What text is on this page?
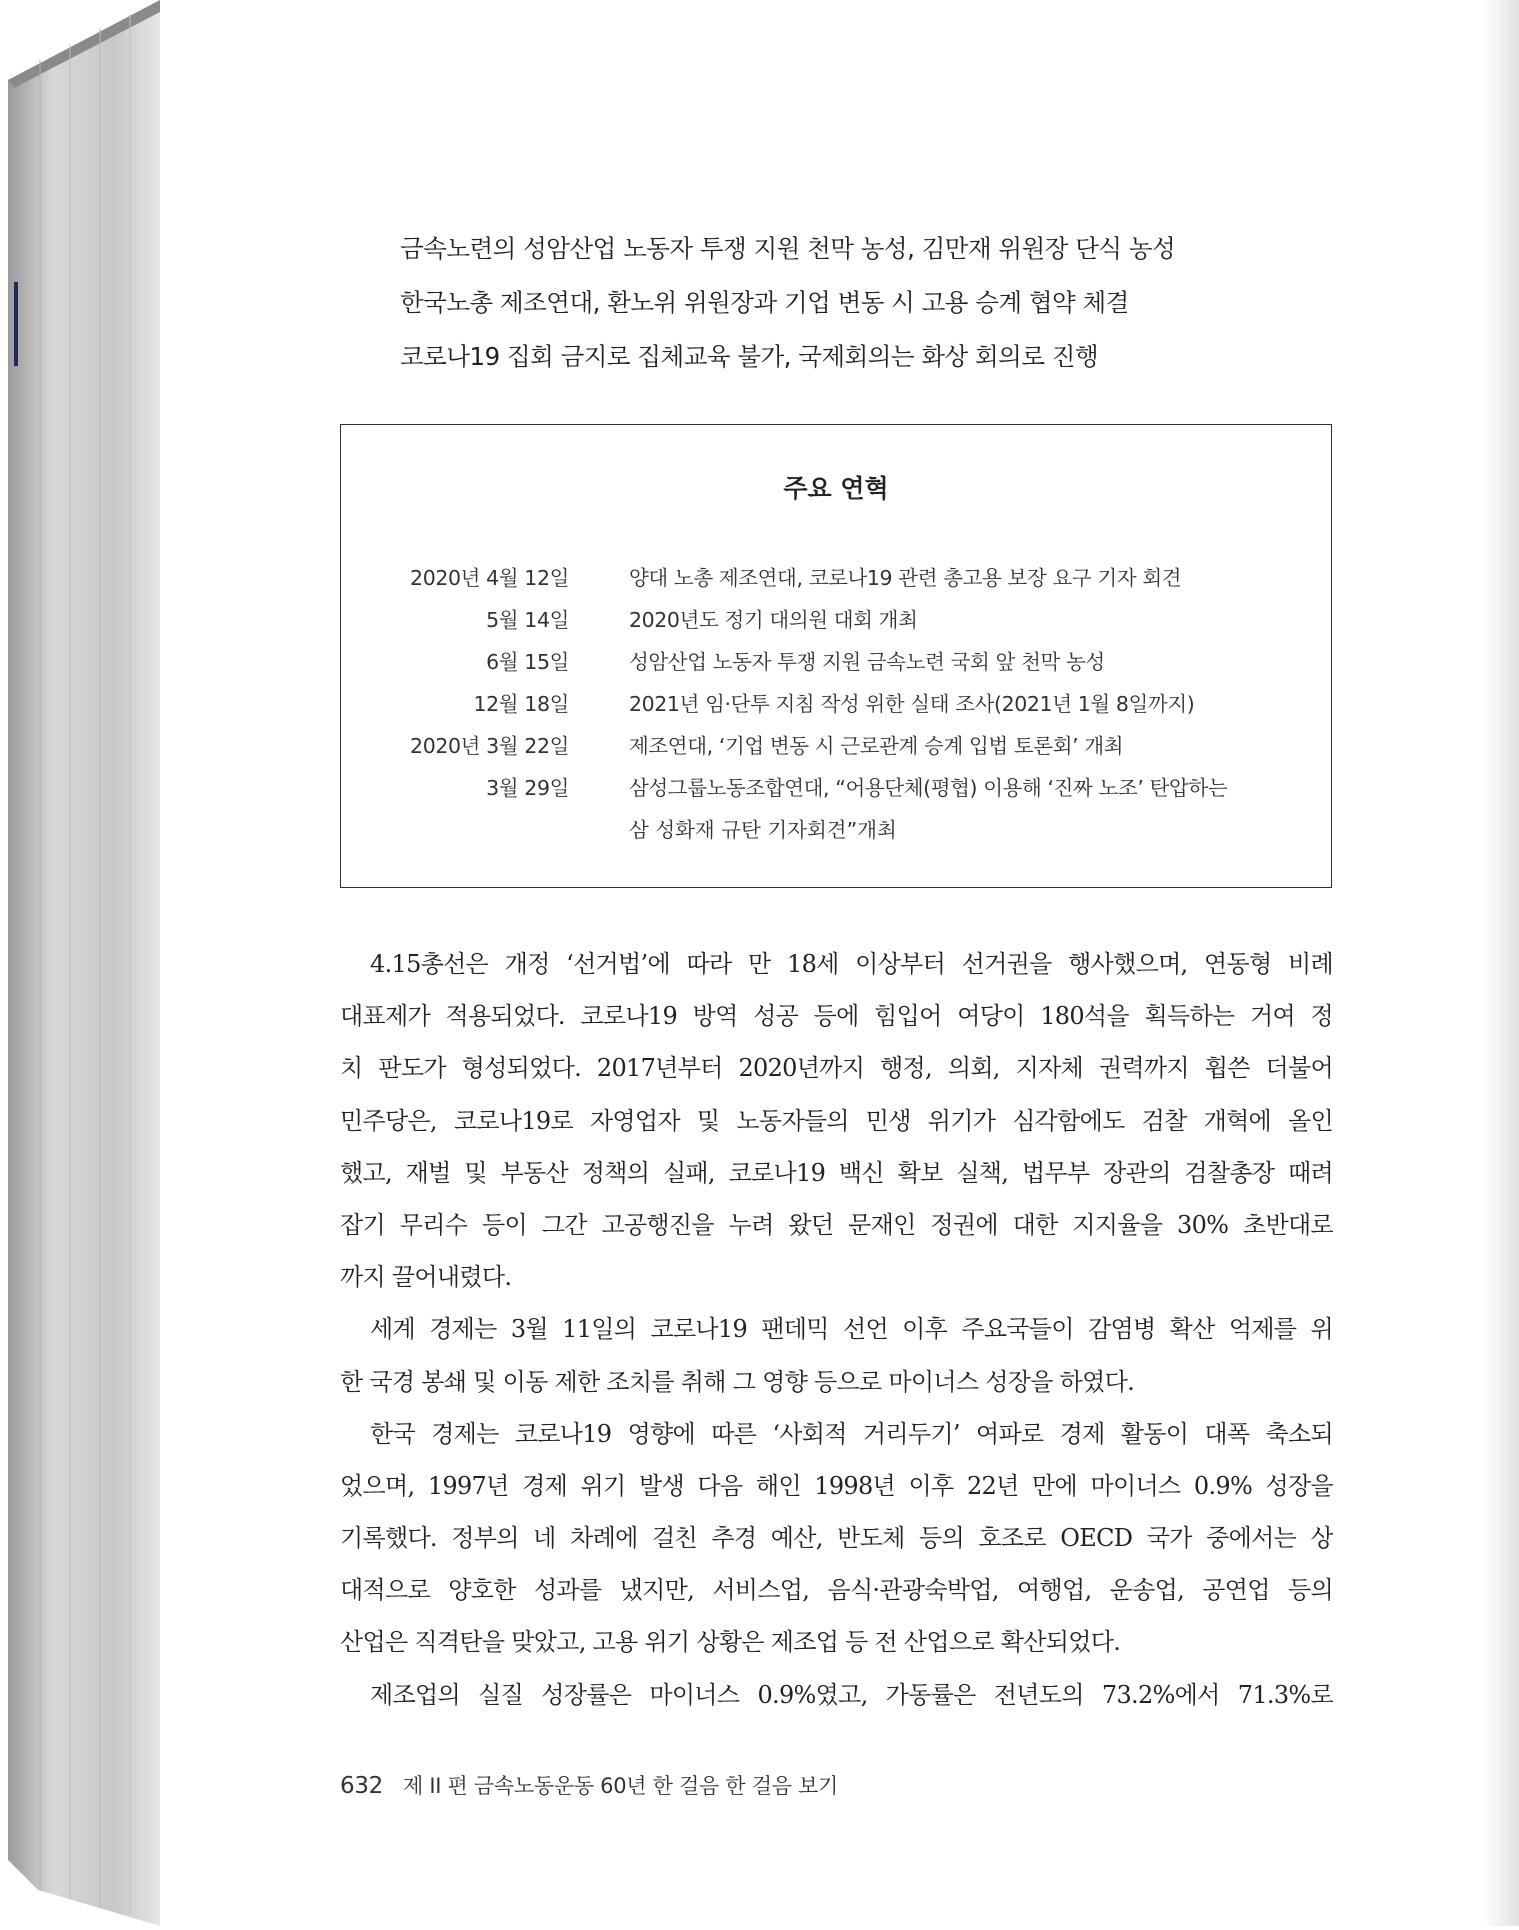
금속노련의 성암산업 노동자 투쟁 지원 천막 농성, 김만재 위원장 단식 농성
한국노총 제조연대, 환노위 위원장과 기업 변동 시 고용 승계 협약 체결
코로나19 집회 금지로 집체교육 불가, 국제회의는 화상 회의로 진행
주요 연혁
2020년 4월 12일	양대 노총 제조연대, 코로나19 관련 총고용 보장 요구 기자 회견
5월 14일	2020년도 정기 대의원 대회 개최
6월 15일	성암산업 노동자 투쟁 지원 금속노련 국회 앞 천막 농성
12월 18일	2021년 임·단투 지침 작성 위한 실태 조사(2021년 1월 8일까지)
2020년 3월 22일	제조연대, ‘기업 변동 시 근로관계 승계 입법 토론회’ 개최
3월 29일	삼성그룹노동조합연대, “어용단체(평협) 이용해 ‘진짜 노조’ 탄압하는
삼 성화재 규탄 기자회견”개최
4.15총선은 개정 ‘선거법’에 따라 만 18세 이상부터 선거권을 행사했으며, 연동형 비례
대표제가 적용되었다. 코로나19 방역 성공 등에 힘입어 여당이 180석을 획득하는 거여 정
치 판도가 형성되었다. 2017년부터 2020년까지 행정, 의회, 지자체 권력까지 휩쓴 더불어
민주당은, 코로나19로 자영업자 및 노동자들의 민생 위기가 심각함에도 검찰 개혁에 올인
했고, 재벌 및 부동산 정책의 실패, 코로나19 백신 확보 실책, 법무부 장관의 검찰총장 때려
잡기 무리수 등이 그간 고공행진을 누려 왔던 문재인 정권에 대한 지지율을 30% 초반대로
까지 끌어내렸다.
세계 경제는 3월 11일의 코로나19 팬데믹 선언 이후 주요국들이 감염병 확산 억제를 위
한 국경 봉쇄 및 이동 제한 조치를 취해 그 영향 등으로 마이너스 성장을 하였다.
한국 경제는 코로나19 영향에 따른 ‘사회적 거리두기’ 여파로 경제 활동이 대폭 축소되
었으며, 1997년 경제 위기 발생 다음 해인 1998년 이후 22년 만에 마이너스 0.9% 성장을
기록했다. 정부의 네 차례에 걸친 추경 예산, 반도체 등의 호조로 OECD 국가 중에서는 상
대적으로 양호한 성과를 냈지만, 서비스업, 음식·관광숙박업, 여행업, 운송업, 공연업 등의
산업은 직격탄을 맞았고, 고용 위기 상황은 제조업 등 전 산업으로 확산되었다.
제조업의 실질 성장률은 마이너스 0.9%였고, 가동률은 전년도의 73.2%에서 71.3%로
632 제 II 편 금속노동운동 60년 한 걸음 한 걸음 보기
